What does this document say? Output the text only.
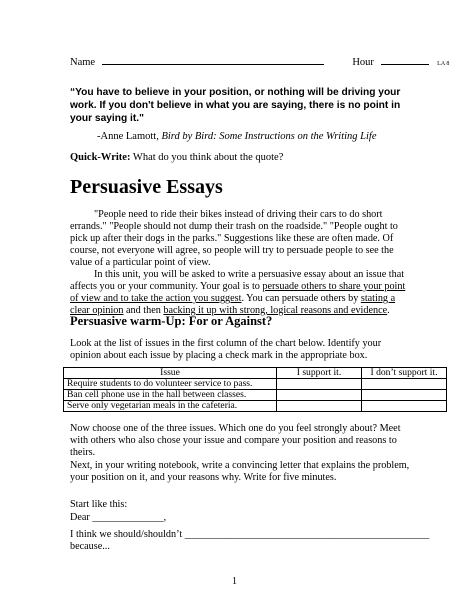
Name	Hour	LA 8
“You have to believe in your position, or nothing will be driving your work. If you don't believe in what you are saying, there is no point in your saying it."
-Anne Lamott, Bird by Bird: Some Instructions on the Writing Life
Quick-Write: What do you think about the quote?
Persuasive Essays

"People need to ride their bikes instead of driving their cars to do short errands." "People should not dump their trash on the roadside." "People ought to pick up after their dogs in the parks." Suggestions like these are often made. Of course, not everyone will agree, so people will try to persuade people to see the value of a particular point of view.

In this unit, you will be asked to write a persuasive essay about an issue that affects you or your community. Your goal is to persuade others to share your point of view and to take the action you suggest. You can persuade others by stating a clear opinion and then backing it up with strong, logical reasons and evidence.

Persuasive warm-Up: For or Against?
Look at the list of issues in the first column of the chart below. Identify your opinion about each issue by placing a check mark in the appropriate box.
Issue	I support it.	I don’t support it.
Require students to do volunteer service to pass.		
Ban cell phone use in the hall between classes.		
Serve only vegetarian meals in the cafeteria.		
Now choose one of the three issues. Which one do you feel strongly about? Meet with others who also chose your issue and compare your position and reasons to theirs.
Next, in your writing notebook, write a convincing letter that explains the problem, your position on it, and your reasons why. Write for five minutes.
Start like this:
Dear ______________,
I think we should/shouldn’t ________________________________________________
because...
1
